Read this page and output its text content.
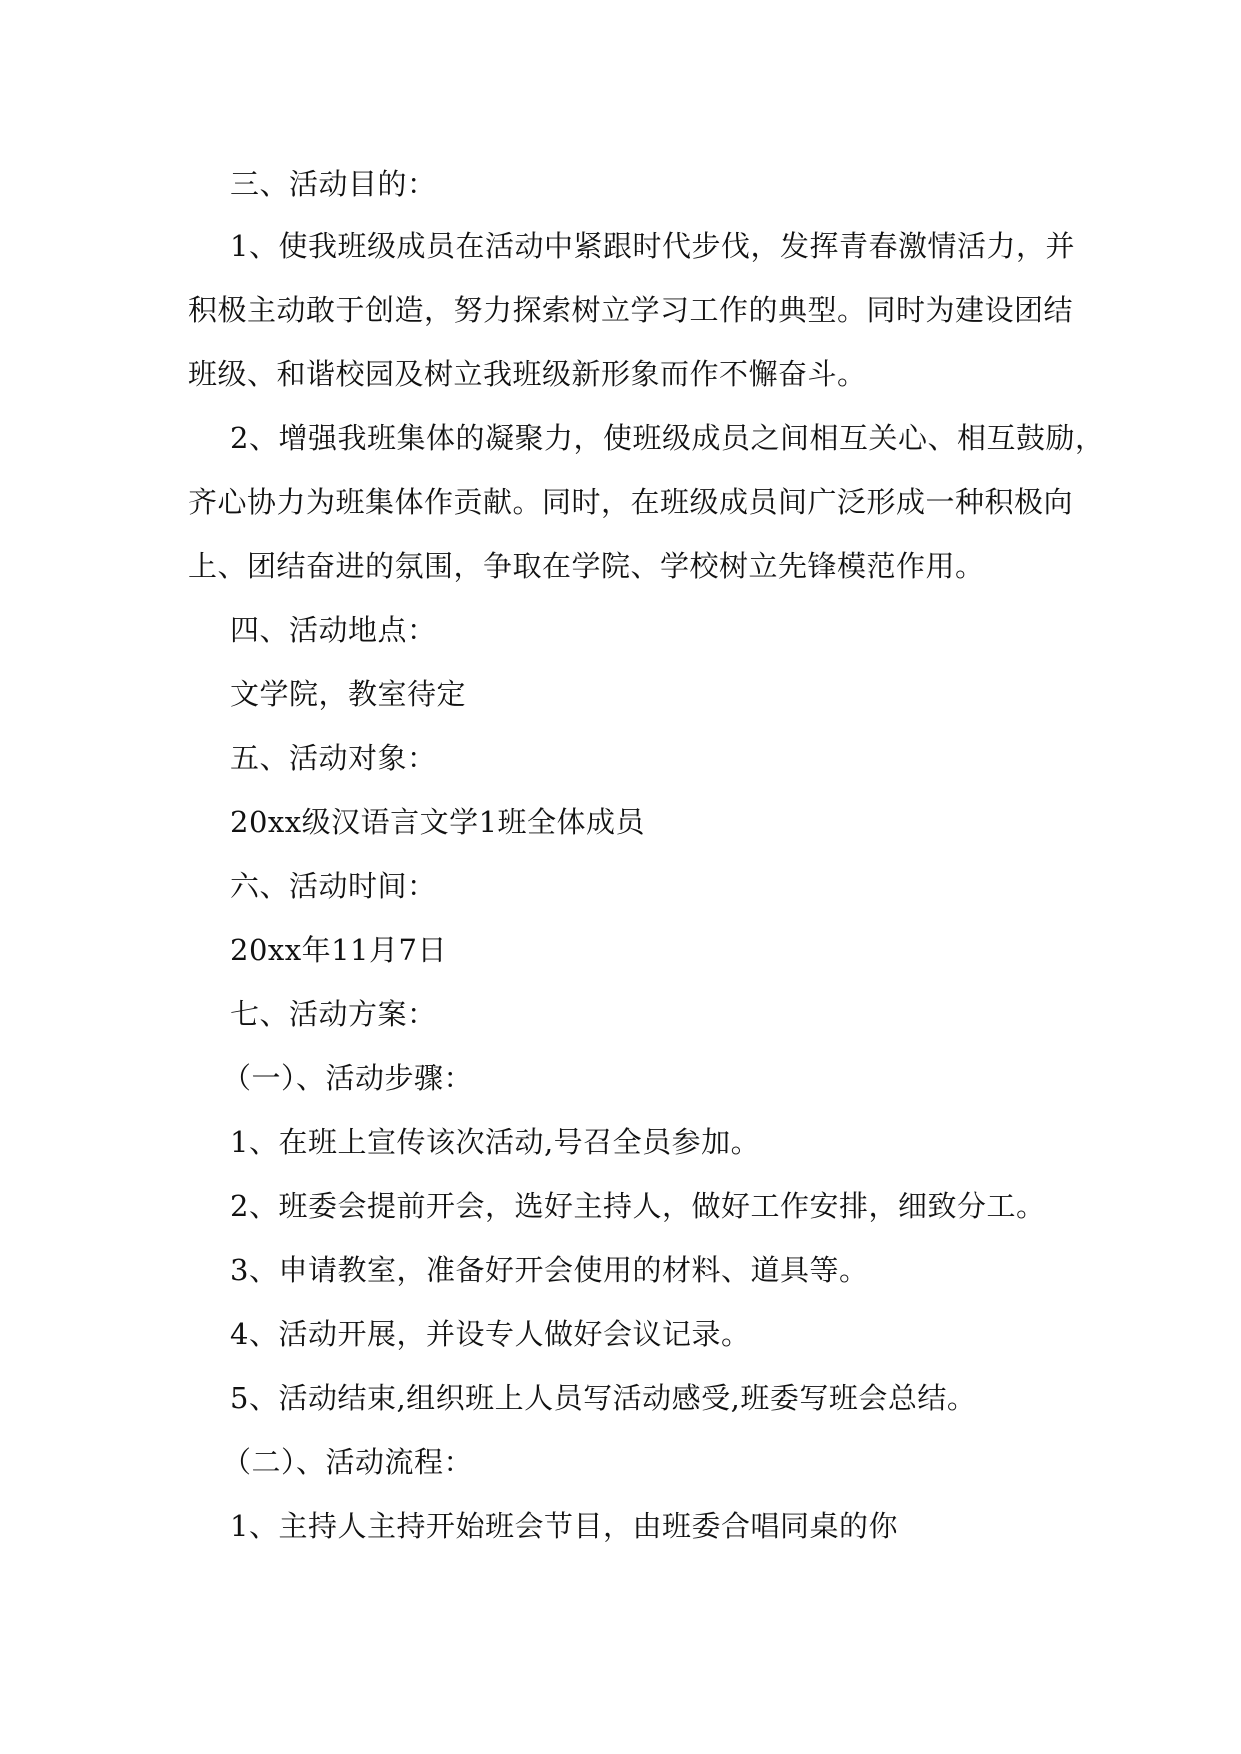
三、活动目的：
1、使我班级成员在活动中紧跟时代步伐，发挥青春激情活力，并
积极主动敢于创造，努力探索树立学习工作的典型。同时为建设团结
班级、和谐校园及树立我班级新形象而作不懈奋斗。
2、增强我班集体的凝聚力，使班级成员之间相互关心、相互鼓励，
齐心协力为班集体作贡献。同时，在班级成员间广泛形成一种积极向
上、团结奋进的氛围，争取在学院、学校树立先锋模范作用。
四、活动地点：
文学院，教室待定
五、活动对象：
20xx级汉语言文学1班全体成员
六、活动时间：
20xx年11月7日
七、活动方案：
（一）、活动步骤：
1、在班上宣传该次活动,号召全员参加。
2、班委会提前开会，选好主持人，做好工作安排，细致分工。
3、申请教室，准备好开会使用的材料、道具等。
4、活动开展，并设专人做好会议记录。
5、活动结束,组织班上人员写活动感受,班委写班会总结。
（二）、活动流程：
1、主持人主持开始班会节目，由班委合唱同桌的你
